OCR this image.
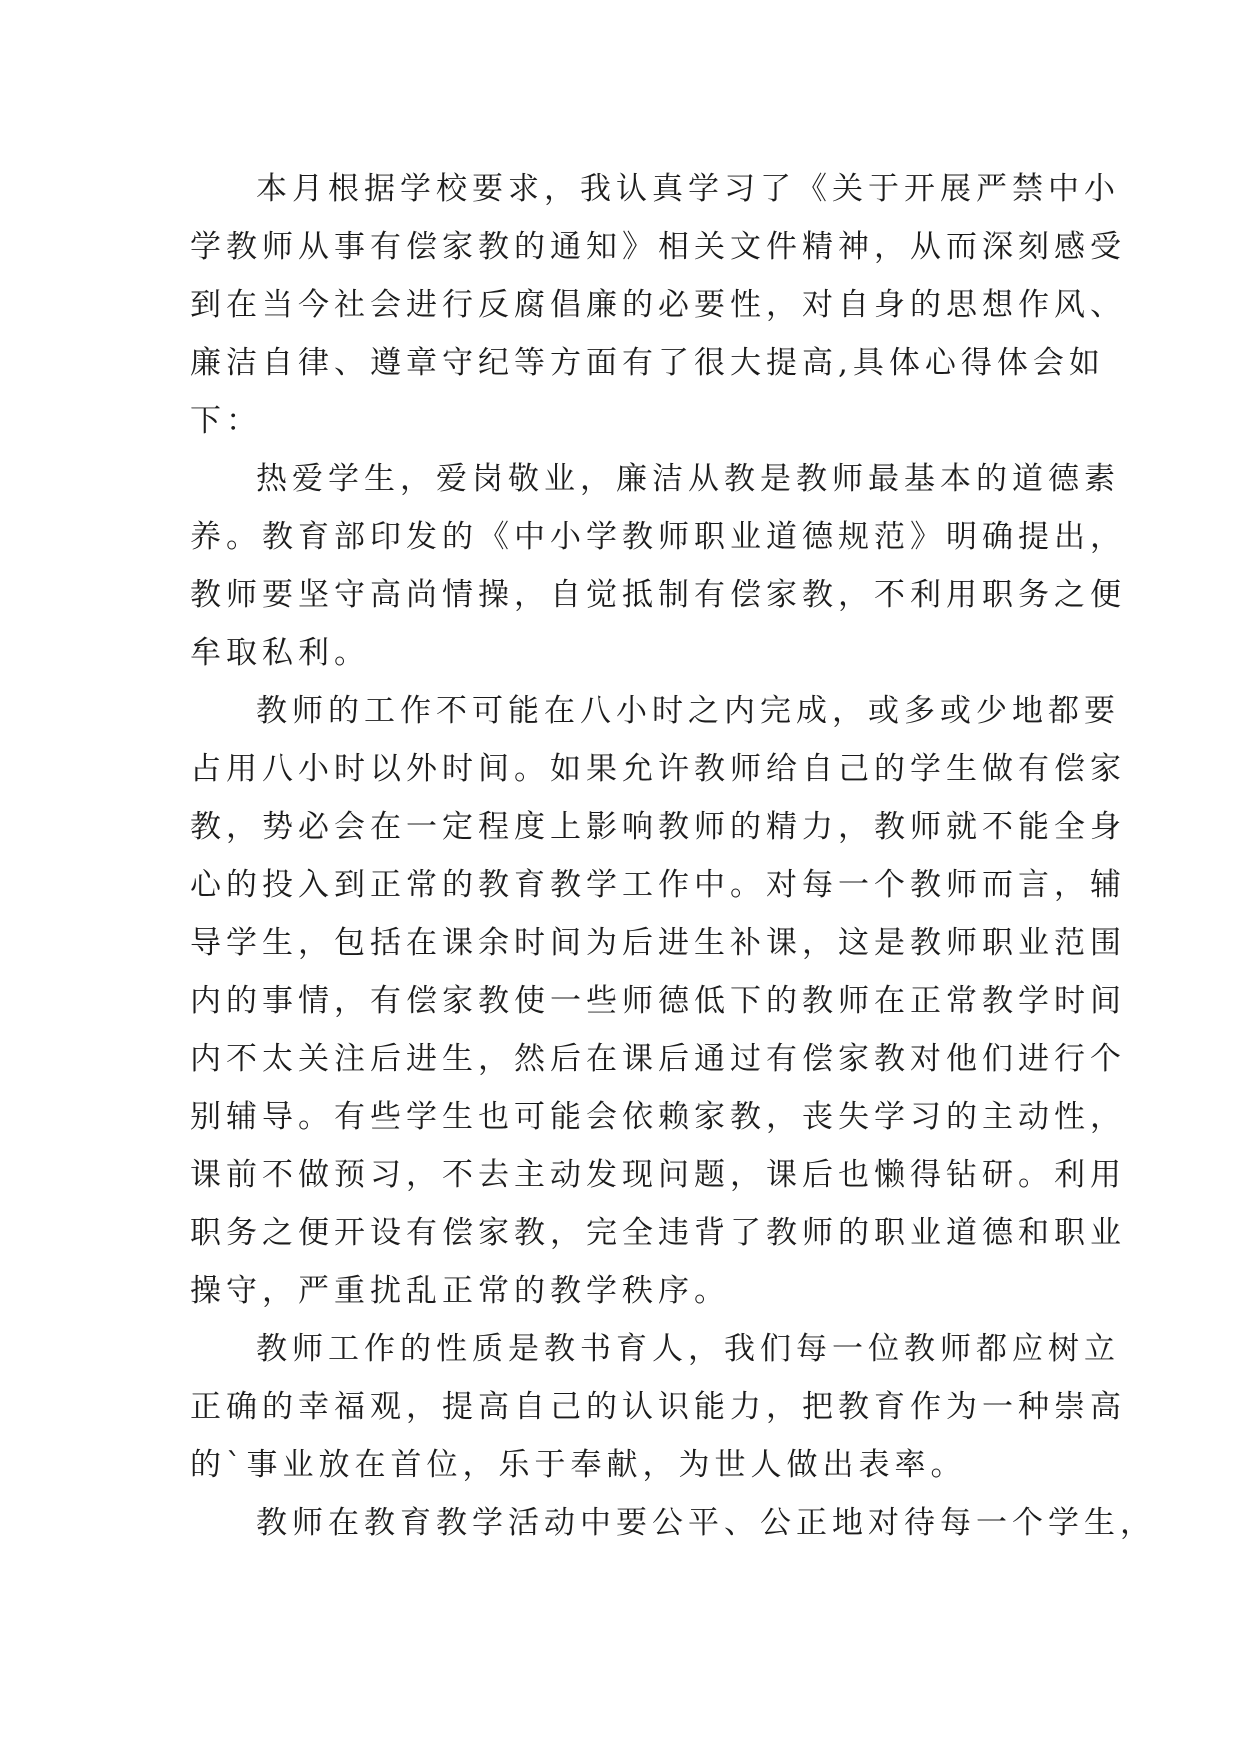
本月根据学校要求，我认真学习了《关于开展严禁中小
学教师从事有偿家教的通知》相关文件精神，从而深刻感受
到在当今社会进行反腐倡廉的必要性，对自身的思想作风、
廉洁自律、遵章守纪等方面有了很大提高,具体心得体会如
下：
热爱学生，爱岗敬业，廉洁从教是教师最基本的道德素
养。教育部印发的《中小学教师职业道德规范》明确提出，
教师要坚守高尚情操，自觉抵制有偿家教，不利用职务之便
牟取私利。
教师的工作不可能在八小时之内完成，或多或少地都要
占用八小时以外时间。如果允许教师给自己的学生做有偿家
教，势必会在一定程度上影响教师的精力，教师就不能全身
心的投入到正常的教育教学工作中。对每一个教师而言，辅
导学生，包括在课余时间为后进生补课，这是教师职业范围
内的事情，有偿家教使一些师德低下的教师在正常教学时间
内不太关注后进生，然后在课后通过有偿家教对他们进行个
别辅导。有些学生也可能会依赖家教，丧失学习的主动性，
课前不做预习，不去主动发现问题，课后也懒得钻研。利用
职务之便开设有偿家教，完全违背了教师的职业道德和职业
操守，严重扰乱正常的教学秩序。
教师工作的性质是教书育人，我们每一位教师都应树立
正确的幸福观，提高自己的认识能力，把教育作为一种崇高
的`事业放在首位，乐于奉献，为世人做出表率。
教师在教育教学活动中要公平、公正地对待每一个学生，
